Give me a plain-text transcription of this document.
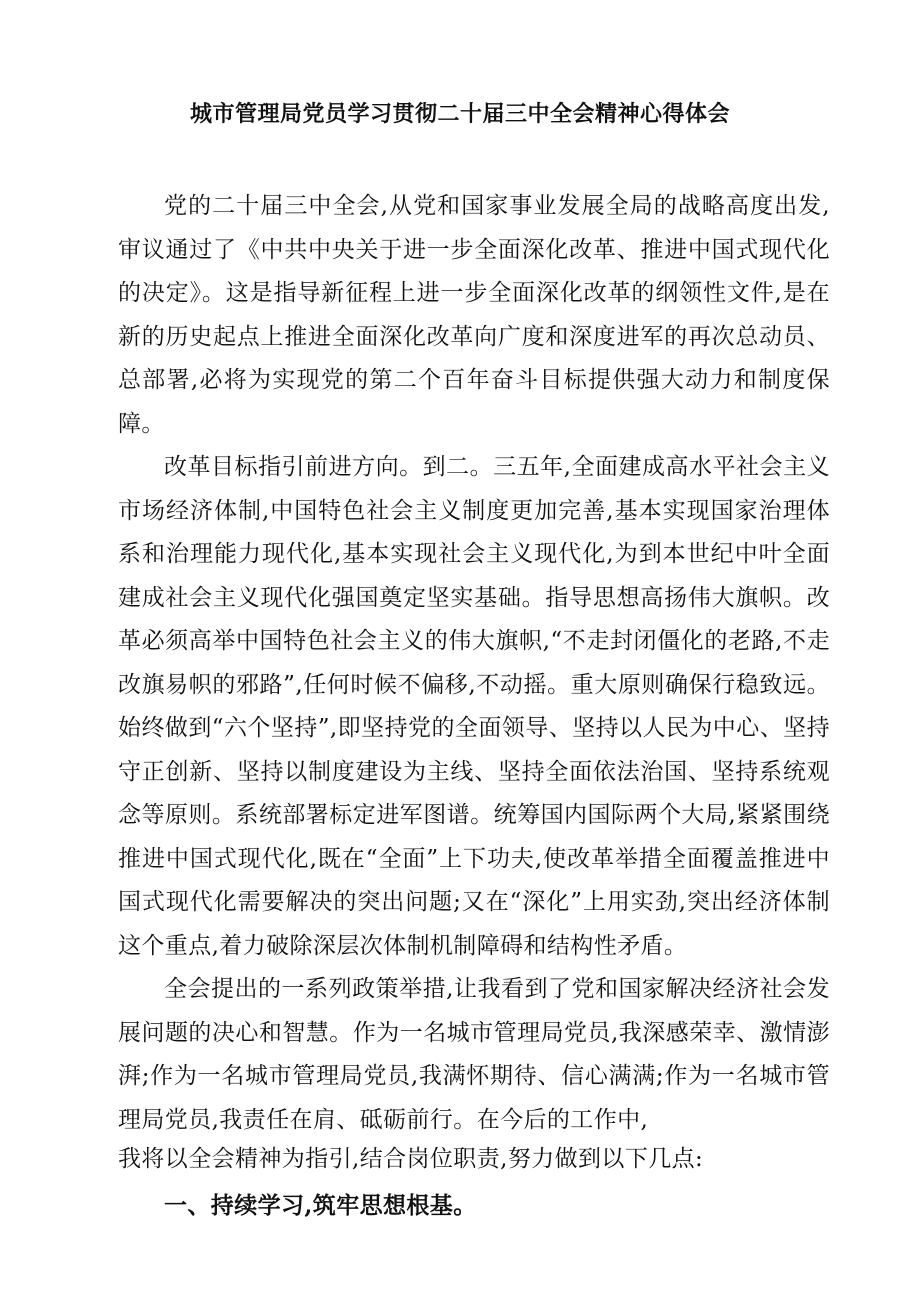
城市管理局党员学习贯彻二十届三中全会精神心得体会

党的二十届三中全会,从党和国家事业发展全局的战略高度出发,审议通过了《中共中央关于进一步全面深化改革、推进中国式现代化的决定》。这是指导新征程上进一步全面深化改革的纲领性文件,是在新的历史起点上推进全面深化改革向广度和深度进军的再次总动员、总部署,必将为实现党的第二个百年奋斗目标提供强大动力和制度保障。

改革目标指引前进方向。到二。三五年,全面建成高水平社会主义市场经济体制,中国特色社会主义制度更加完善,基本实现国家治理体系和治理能力现代化,基本实现社会主义现代化,为到本世纪中叶全面建成社会主义现代化强国奠定坚实基础。指导思想高扬伟大旗帜。改革必须高举中国特色社会主义的伟大旗帜,“不走封闭僵化的老路,不走改旗易帜的邪路”,任何时候不偏移,不动摇。重大原则确保行稳致远。始终做到“六个坚持”,即坚持党的全面领导、坚持以人民为中心、坚持守正创新、坚持以制度建设为主线、坚持全面依法治国、坚持系统观念等原则。系统部署标定进军图谱。统筹国内国际两个大局,紧紧围绕推进中国式现代化,既在“全面”上下功夫,使改革举措全面覆盖推进中国式现代化需要解决的突出问题;又在“深化”上用实劲,突出经济体制这个重点,着力破除深层次体制机制障碍和结构性矛盾。

全会提出的一系列政策举措,让我看到了党和国家解决经济社会发展问题的决心和智慧。作为一名城市管理局党员,我深感荣幸、激情澎湃;作为一名城市管理局党员,我满怀期待、信心满满;作为一名城市管理局党员,我责任在肩、砥砺前行。在今后的工作中,

我将以全会精神为指引,结合岗位职责,努力做到以下几点:

一、持续学习,筑牢思想根基。
